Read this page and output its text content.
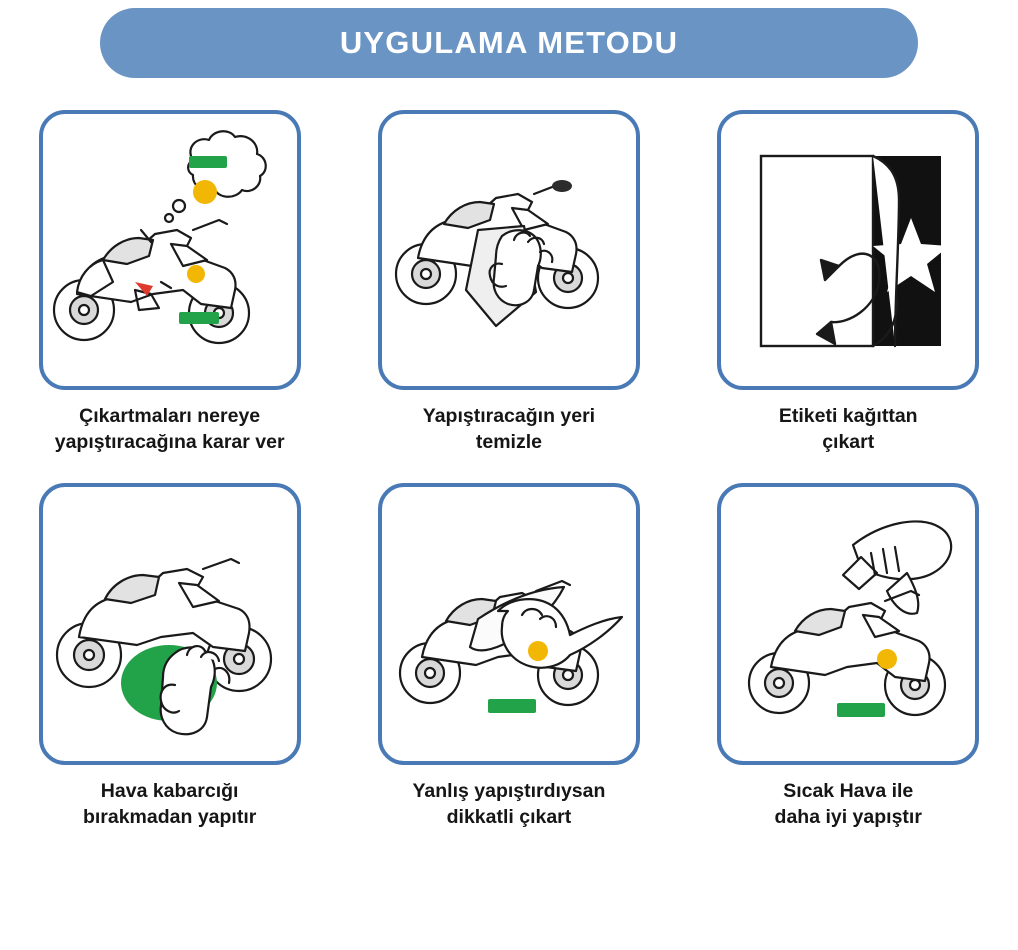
UYGULAMA METODU
Çıkartmaları nereye
yapıştıracağına karar ver
Yapıştıracağın yeri
temizle
Etiketi kağıttan
çıkart
Hava kabarcığı
bırakmadan yapıtır
Yanlış yapıştırdıysan
dikkatli çıkart
Sıcak Hava ile
daha iyi yapıştır
